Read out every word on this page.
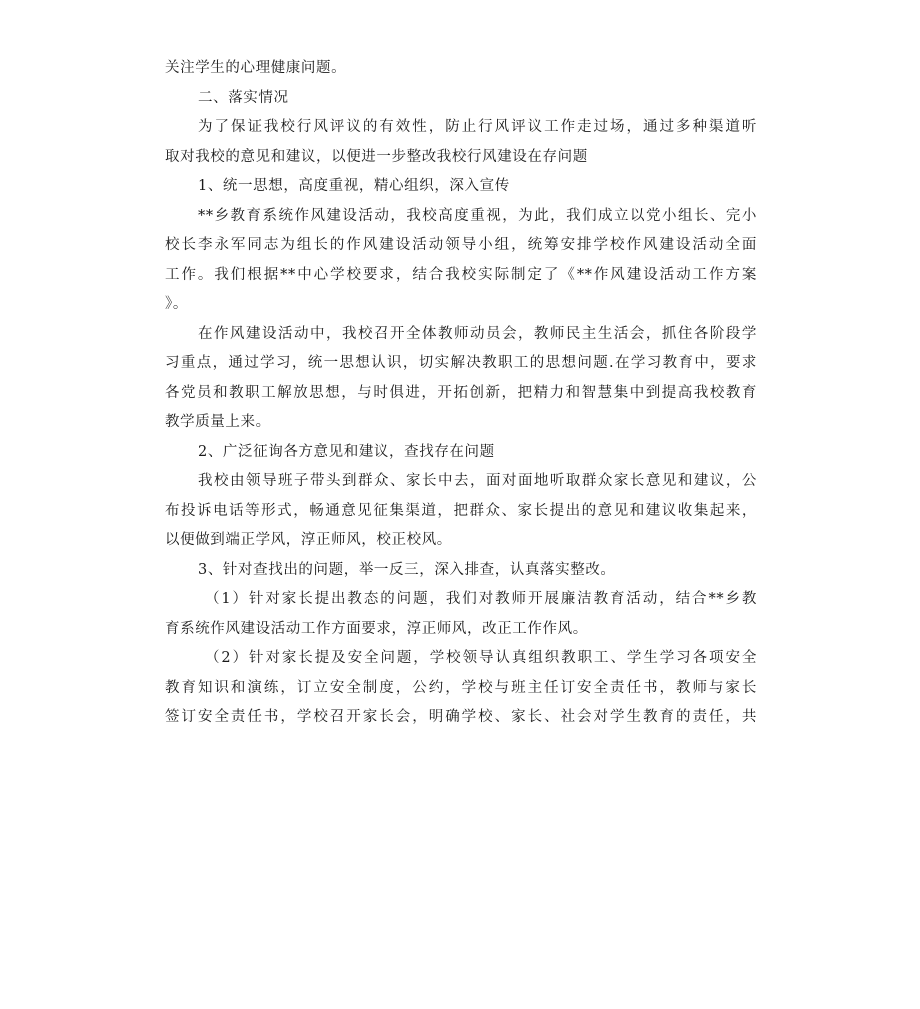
关注学生的心理健康问题。
二、落实情况
为了保证我校行风评议的有效性，防止行风评议工作走过场，通过多种渠道听
取对我校的意见和建议，以便进一步整改我校行风建设在存问题
1、统一思想，高度重视，精心组织，深入宣传
**乡教育系统作风建设活动，我校高度重视，为此，我们成立以党小组长、完小
校长李永军同志为组长的作风建设活动领导小组，统筹安排学校作风建设活动全面
工作。我们根据**中心学校要求，结合我校实际制定了《**作风建设活动工作方案
》。
在作风建设活动中，我校召开全体教师动员会，教师民主生活会，抓住各阶段学
习重点，通过学习，统一思想认识，切实解决教职工的思想问题.在学习教育中，要求
各党员和教职工解放思想，与时俱进，开拓创新，把精力和智慧集中到提高我校教育
教学质量上来。
2、广泛征询各方意见和建议，查找存在问题
我校由领导班子带头到群众、家长中去，面对面地听取群众家长意见和建议，公
布投诉电话等形式，畅通意见征集渠道，把群众、家长提出的意见和建议收集起来，
以便做到端正学风，淳正师风，校正校风。
3、针对查找出的问题，举一反三，深入排查，认真落实整改。
（1）针对家长提出教态的问题，我们对教师开展廉洁教育活动，结合**乡教
育系统作风建设活动工作方面要求，淳正师风，改正工作作风。
（2）针对家长提及安全问题，学校领导认真组织教职工、学生学习各项安全
教育知识和演练，订立安全制度，公约，学校与班主任订安全责任书，教师与家长
签订安全责任书，学校召开家长会，明确学校、家长、社会对学生教育的责任，共
